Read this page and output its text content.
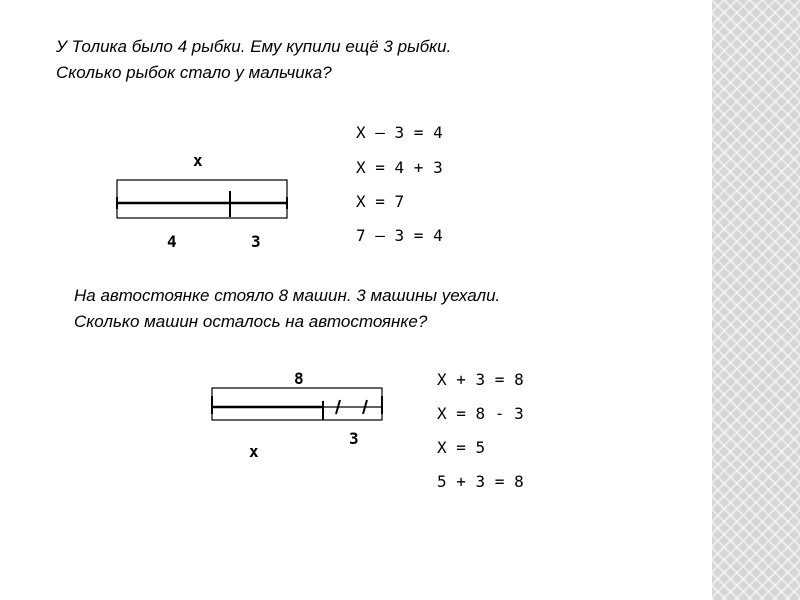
У Толика было 4 рыбки. Ему купили ещё 3 рыбки.
Сколько рыбок стало у мальчика?
x
4	3
X – 3 = 4
X = 4 + 3
X = 7
7 – 3 = 4
На автостоянке стояло 8 машин. 3 машины уехали.
Сколько машин осталось на автостоянке?
8
3
x
X + 3 = 8
X = 8 - 3
X = 5
5 + 3 = 8
